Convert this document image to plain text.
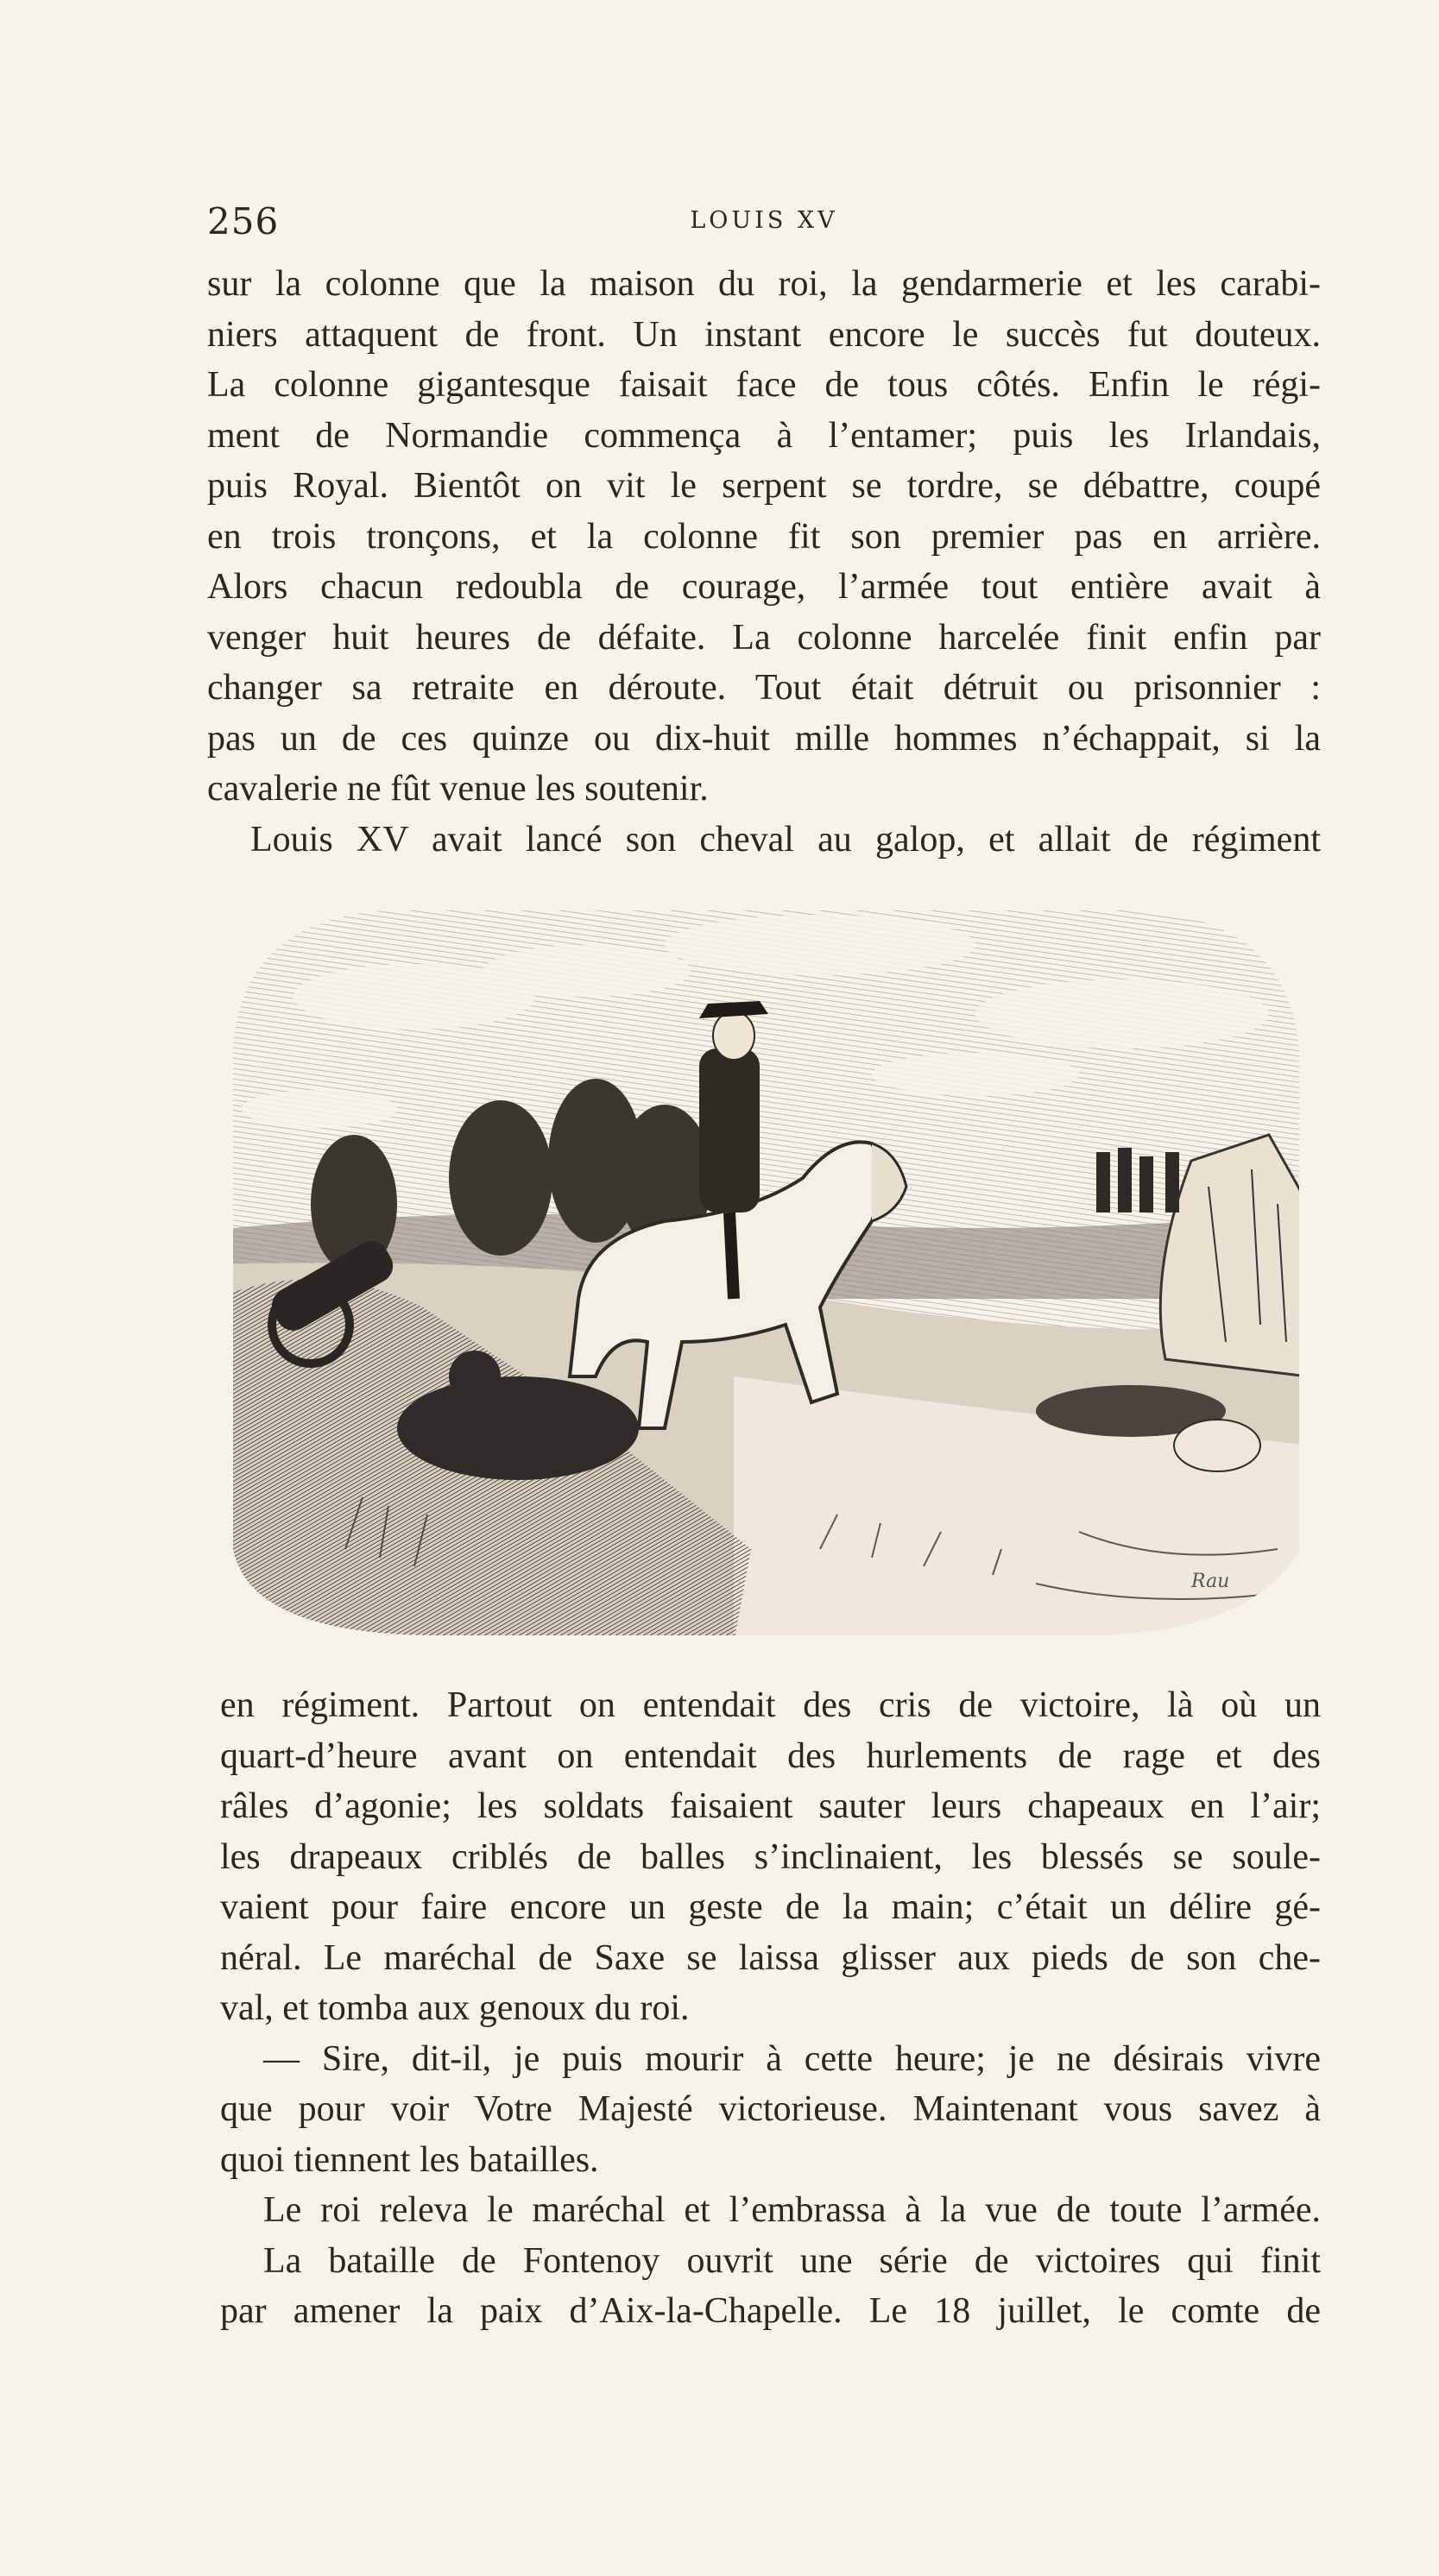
256	LOUIS XV
sur la colonne que la maison du roi, la gendarmerie et les carabi-
niers attaquent de front. Un instant encore le succès fut douteux.
La colonne gigantesque faisait face de tous côtés. Enfin le régi-
ment de Normandie commença à l’entamer; puis les Irlandais,
puis Royal. Bientôt on vit le serpent se tordre, se débattre, coupé
en trois tronçons, et la colonne fit son premier pas en arrière.
Alors chacun redoubla de courage, l’armée tout entière avait à
venger huit heures de défaite. La colonne harcelée finit enfin par
changer sa retraite en déroute. Tout était détruit ou prisonnier :
pas un de ces quinze ou dix-huit mille hommes n’échappait, si la
cavalerie ne fût venue les soutenir.
Louis XV avait lancé son cheval au galop, et allait de régiment
Rau
en régiment. Partout on entendait des cris de victoire, là où un
quart-d’heure avant on entendait des hurlements de rage et des
râles d’agonie; les soldats faisaient sauter leurs chapeaux en l’air;
les drapeaux criblés de balles s’inclinaient, les blessés se soule-
vaient pour faire encore un geste de la main; c’était un délire gé-
néral. Le maréchal de Saxe se laissa glisser aux pieds de son che-
val, et tomba aux genoux du roi.
— Sire, dit-il, je puis mourir à cette heure; je ne désirais vivre
que pour voir Votre Majesté victorieuse. Maintenant vous savez à
quoi tiennent les batailles.
Le roi releva le maréchal et l’embrassa à la vue de toute l’armée.
La bataille de Fontenoy ouvrit une série de victoires qui finit
par amener la paix d’Aix-la-Chapelle. Le 18 juillet, le comte de
